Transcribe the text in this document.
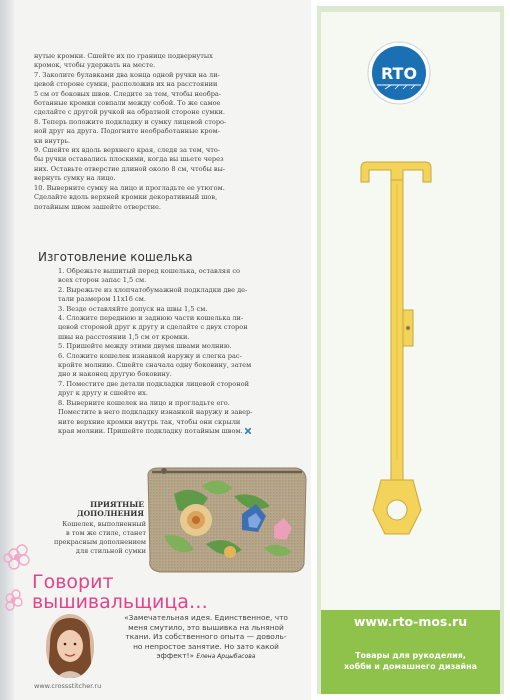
нутые кромки. Сшейте их по границе подвернутых

кромок, чтобы удержать на месте.

7. Заколите булавками два конца одной ручки на ли-

цевой стороне сумки, расположив их на расстоянии

5 см от боковых швов. Следите за тем, чтобы необра-

ботанные кромки совпали между собой. То же самое

сделайте с другой ручкой на обратной стороне сумки.

8. Теперь положите подкладку и сумку лицевой сторо-

ной друг на друга. Подогните необработанные кром-

ки внутрь.

9. Сшейте их вдоль верхнего края, следя за тем, что-

бы ручки оставались плоскими, когда вы шьете через

них. Оставьте отверстие длиной около 8 см, чтобы вы-

вернуть сумку на лицо.

10. Выверните сумку на лицо и прогладьте ее утюгом.

Сделайте вдоль верхней кромки декоративный шов,

потайным швом зашейте отверстие.

Изготовление кошелька

1. Обрежьте вышитый перед кошелька, оставляя со

всех сторон запас 1,5 см.

2. Вырежьте из хлопчатобумажной подкладки две де-

тали размером 11x16 см.

3. Везде оставляйте допуск на швы 1,5 см.

4. Сложите переднюю и заднюю части кошелька ли-

цевой стороной друг к другу и сделайте с двух сторон

швы на расстоянии 1,5 см от кромки.

5. Пришейте между этими двумя швами молнию.

6. Сложите кошелек изнанкой наружу и слегка рас-

кройте молнию. Сшейте сначала одну боковину, затем

дно и наконец другую боковину.

7. Поместите две детали подкладки лицевой стороной

друг к другу и сшейте их.

8. Выверните кошелек на лицо и прогладьте его.

Поместите в него подкладку изнанкой наружу и завер-

ните верхние кромки внутрь так, чтобы они скрыли

края молнии. Пришейте подкладку потайным швом.

ПРИЯТНЫЕ
ДОПОЛНЕНИЯ
Кошелек, выполненный
в том же стиле, станет
прекрасным дополнением
для стильной сумки
Говорит
вышивальщица…
«Замечательная идея. Единственное, что
меня смутило, это вышивка на льняной
ткани. Из собственного опыта — доволь-
но непростое занятие. Но зато какой
эффект!» Елена Арцыбасова
www.crossstitcher.ru
RTO
www.rto-mos.ru
Товары для рукоделия,
хобби и домашнего дизайна
